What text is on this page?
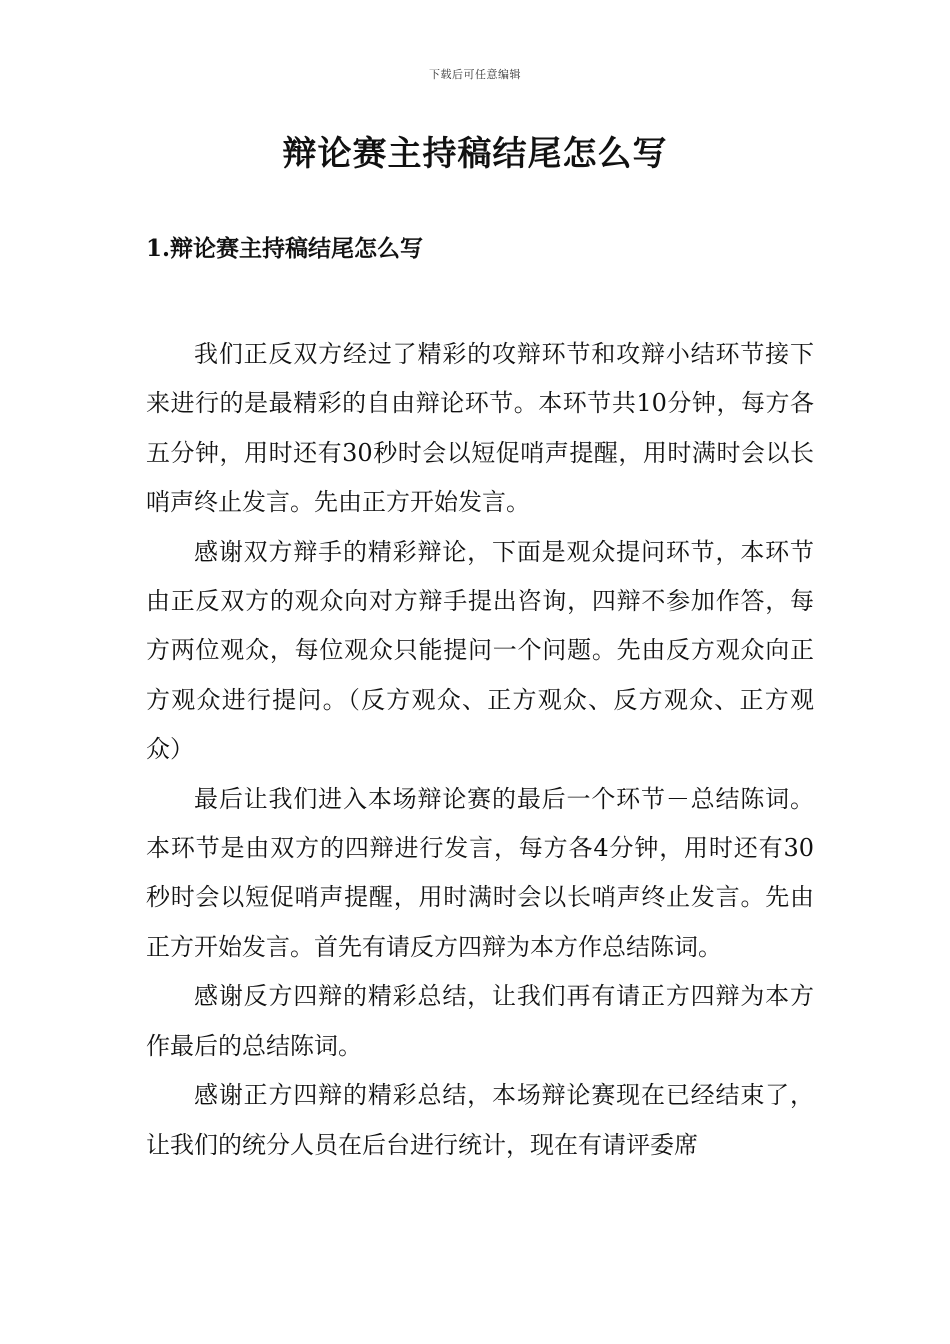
下载后可任意编辑
辩论赛主持稿结尾怎么写
1.辩论赛主持稿结尾怎么写

我们正反双方经过了精彩的攻辩环节和攻辩小结环节接下来进行的是最精彩的自由辩论环节。本环节共10分钟，每方各五分钟，用时还有30秒时会以短促哨声提醒，用时满时会以长哨声终止发言。先由正方开始发言。

感谢双方辩手的精彩辩论，下面是观众提问环节，本环节由正反双方的观众向对方辩手提出咨询，四辩不参加作答，每方两位观众，每位观众只能提问一个问题。先由反方观众向正方观众进行提问。（反方观众、正方观众、反方观众、正方观众）

最后让我们进入本场辩论赛的最后一个环节－总结陈词。本环节是由双方的四辩进行发言，每方各4分钟，用时还有30秒时会以短促哨声提醒，用时满时会以长哨声终止发言。先由正方开始发言。首先有请反方四辩为本方作总结陈词。

感谢反方四辩的精彩总结，让我们再有请正方四辩为本方作最后的总结陈词。

感谢正方四辩的精彩总结，本场辩论赛现在已经结束了，让我们的统分人员在后台进行统计，现在有请评委席
